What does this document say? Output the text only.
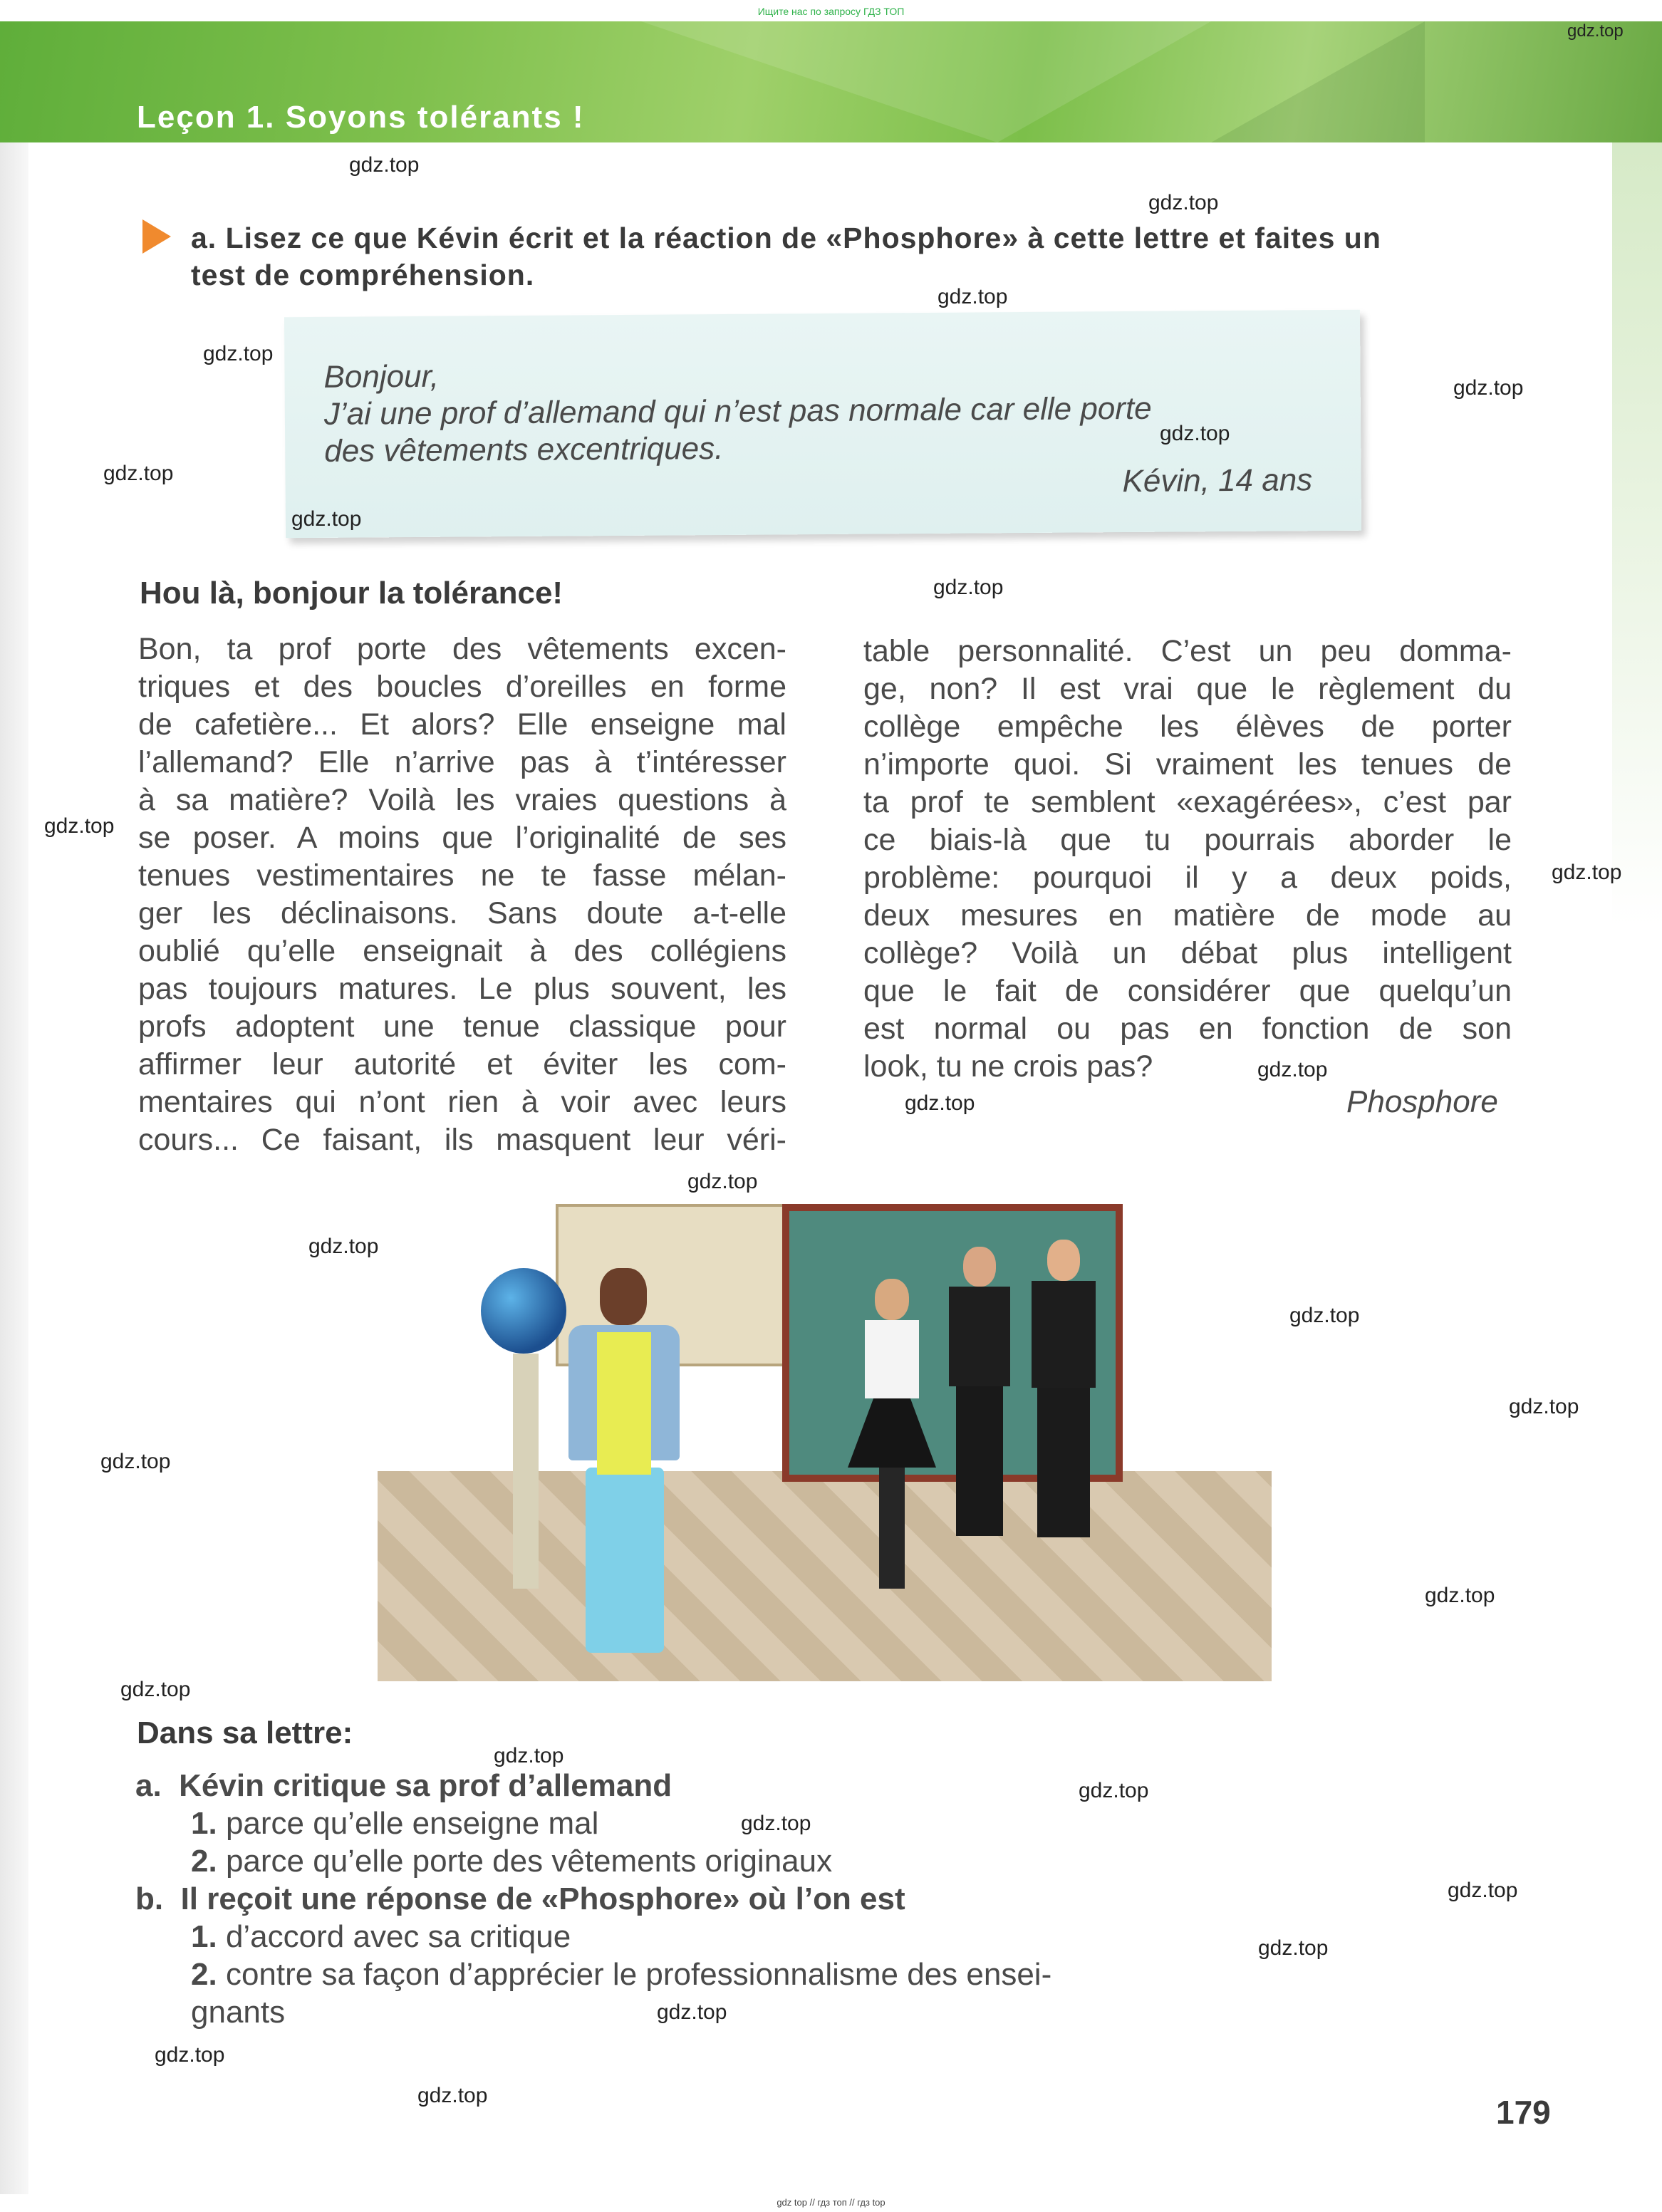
Ищите нас по запросу ГДЗ ТОП
Leçon 1. Soyons tolérants !
a. Lisez ce que Kévin écrit et la réaction de «Phosphore» à cette lettre et faites un
test de compréhension.
Bonjour,
J’ai une prof d’allemand qui n’est pas normale car elle porte
des vêtements excentriques.
Kévin, 14 ans
Hou là, bonjour la tolérance!
Bon, ta prof porte des vêtements excen-
triques et des boucles d’oreilles en forme
de cafetière... Et alors? Elle enseigne mal
l’allemand? Elle n’arrive pas à t’intéresser
à sa matière? Voilà les vraies questions à
se poser. A moins que l’originalité de ses
tenues vestimentaires ne te fasse mélan-
ger les déclinaisons. Sans doute a-t-elle
oublié qu’elle enseignait à des collégiens
pas toujours matures. Le plus souvent, les
profs adoptent une tenue classique pour
affirmer leur autorité et éviter les com-
mentaires qui n’ont rien à voir avec leurs
cours... Ce faisant, ils masquent leur véri-
table personnalité. C’est un peu domma-
ge, non? Il est vrai que le règlement du
collège empêche les élèves de porter
n’importe quoi. Si vraiment les tenues de
ta prof te semblent «exagérées», c’est par
ce biais-là que tu pourrais aborder le
problème: pourquoi il y a deux poids,
deux mesures en matière de mode au
collège? Voilà un débat plus intelligent
que le fait de considérer que quelqu’un
est normal ou pas en fonction de son
look, tu ne crois pas?
Phosphore
Dans sa lettre:
a. Kévin critique sa prof d’allemand
1. parce qu’elle enseigne mal
2. parce qu’elle porte des vêtements originaux
b. Il reçoit une réponse de «Phosphore» où l’on est
1. d’accord avec sa critique
2. contre sa façon d’apprécier le professionnalisme des ensei-
gnants
179
gdz.top
gdz.top
gdz.top
gdz.top
gdz.top
gdz.top
gdz.top
gdz.top
gdz.top
gdz.top
gdz.top
gdz.top
gdz.top
gdz.top
gdz.top
gdz.top
gdz.top
gdz.top
gdz.top
gdz.top
gdz.top
gdz.top
gdz.top
gdz.top
gdz.top
gdz.top
gdz.top
gdz.top
gdz.top
gdz top // гдз топ // гдз top
